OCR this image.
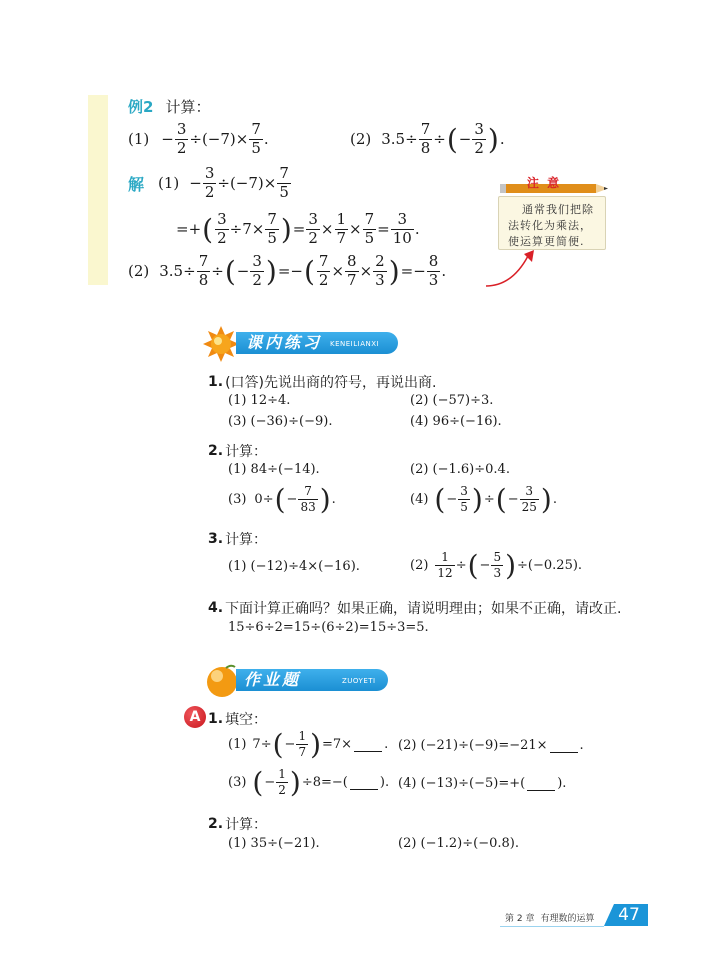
例2 计算：
$(1) - \frac{3}{2} \div(-7)\times \frac{7}{5}$ .	(2) $3.5\div \frac{7}{8}$ ÷ ( − $\frac{3}{2}$ ) .
解 $(1) - \frac{3}{2} \div(-7)\times \frac{7}{5}$
=+ ( $\frac{3}{2} \div 7\times \frac{7}{5}$ ) = $\frac{3}{2} \times \frac{1}{7} \times \frac{7}{5} = \frac{3}{10}$ .
(2) $3.5\div \frac{7}{8}$ ÷ ( − $\frac{3}{2}$ ) =− ( $\frac{7}{2} \times \frac{8}{7} \times \frac{2}{3}$ ) =− $\frac{8}{3}$ .
注 意
通常我们把除法转化为乘法，使运算更简便.
课内练习 KENEILIANXI
1. (口答)先说出商的符号，再说出商.
(1) 12÷4.	(2) (−57)÷3.
(3) (−36)÷(−9).	(4) 96÷(−16).
2. 计算：
(1) 84÷(−14).	(2) (−1.6)÷0.4.
(3) 0÷ ( − $\frac{7}{83}$ ) .	(4) ( − $\frac{3}{5}$ ) ÷ ( − $\frac{3}{25}$ ) .
3. 计算：
(1) (−12)÷4×(−16).	$(2) \frac{1}{12}$ ÷ ( − $\frac{5}{3}$ ) ÷(−0.25).
4. 下面计算正确吗？如果正确，请说明理由；如果不正确，请改正.
15÷6÷2=15÷(6÷2)=15÷3=5.
作业题	ZUOYETI
A 1. 填空：
(1) 7÷ ( − $\frac{1}{7}$ ) =7× . (2) (−21)÷(−9)=−21× .
(3) ( − $\frac{1}{2}$ ) ÷8=−( ). (4) (−13)÷(−5)=+( ).
2. 计算：
(1) 35÷(−21).	(2) (−1.2)÷(−0.8).
第 2 章 有理数的运算 47
